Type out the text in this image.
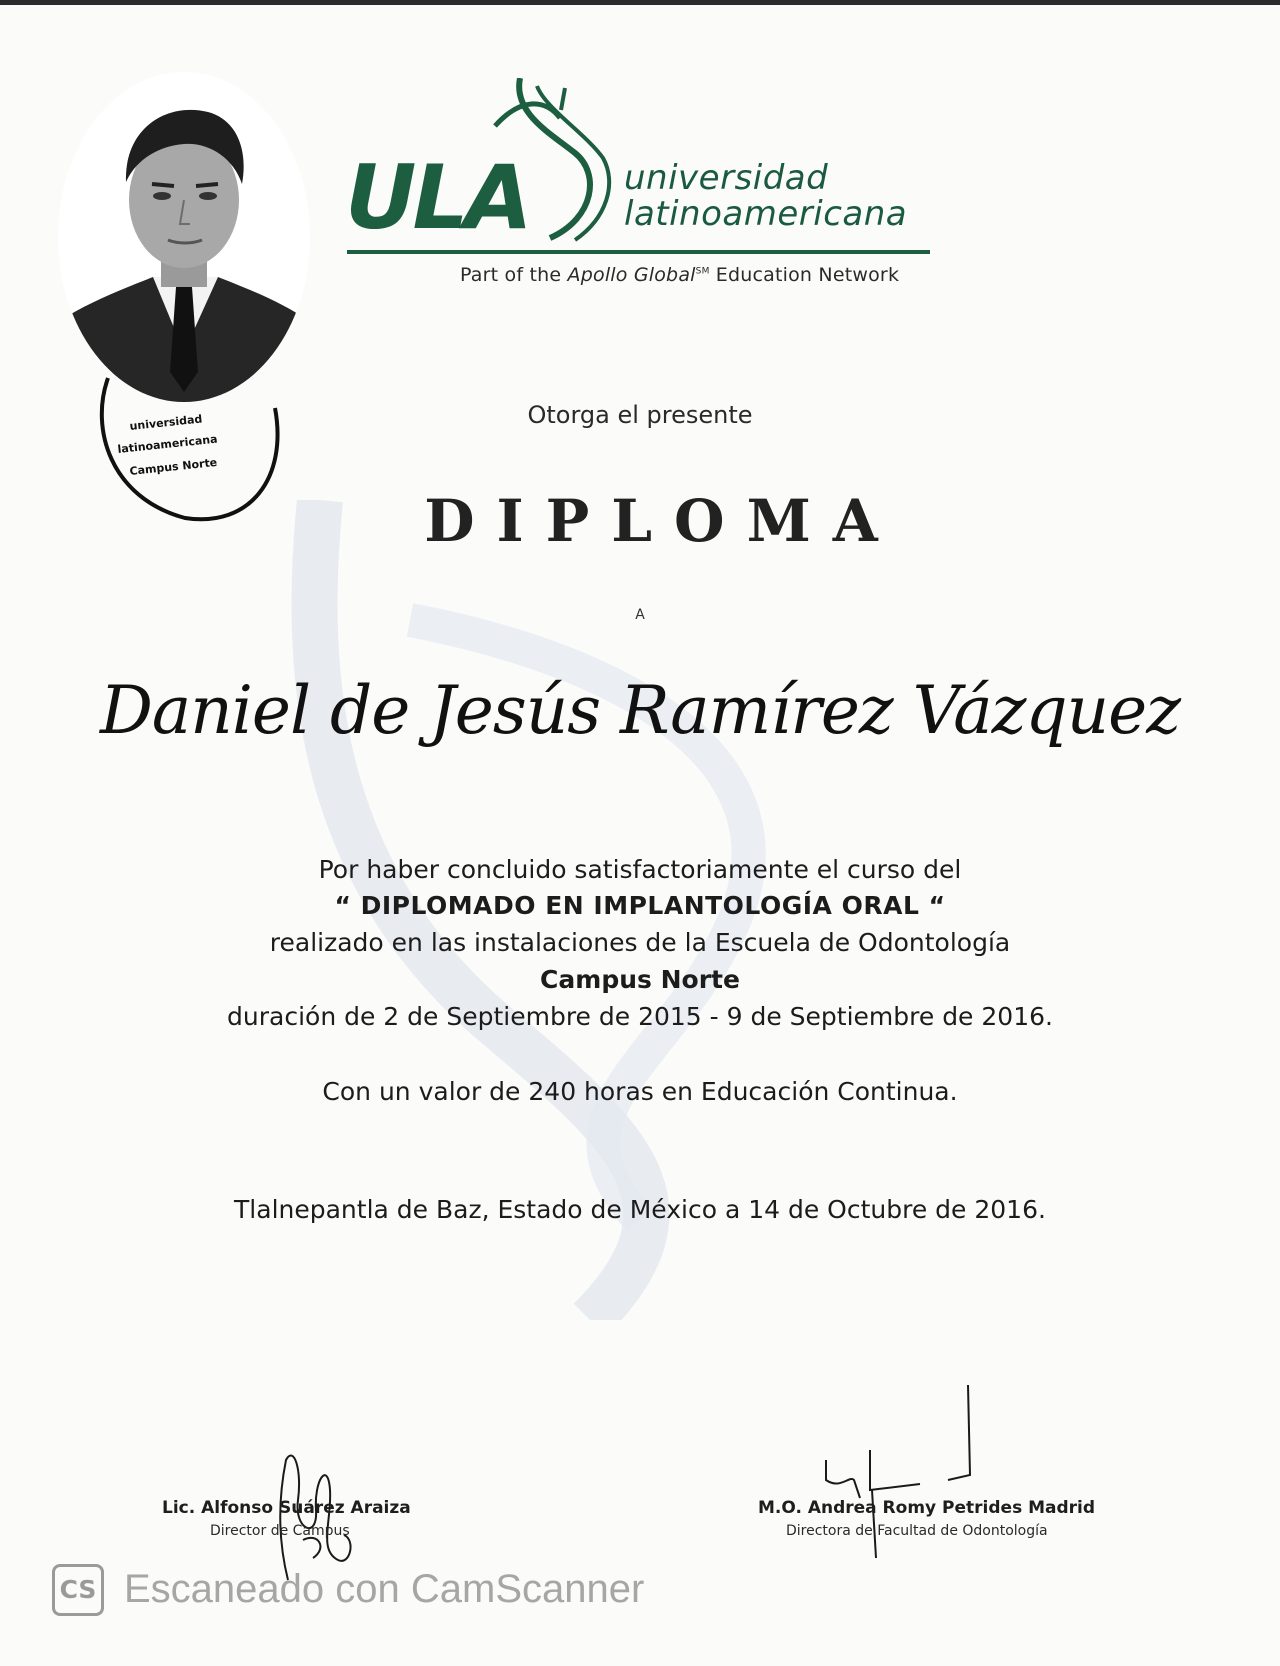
universidad
latinoamericana
Campus Norte
ULA	universidad
latinoamericana
Part of the Apollo Global℠ Education Network
Otorga el presente
DIPLOMA
A
Daniel de Jesús Ramírez Vázquez
Por haber concluido satisfactoriamente el curso del
“ DIPLOMADO EN IMPLANTOLOGÍA ORAL “
realizado en las instalaciones de la Escuela de Odontología
Campus Norte
duración de 2 de Septiembre de 2015 - 9 de Septiembre de 2016.
Con un valor de 240 horas en Educación Continua.
Tlalnepantla de Baz, Estado de México a 14 de Octubre de 2016.
Lic. Alfonso Suárez Araiza
Director de Campus
M.O. Andrea Romy Petrides Madrid
Directora de Facultad de Odontología
CS Escaneado con CamScanner
